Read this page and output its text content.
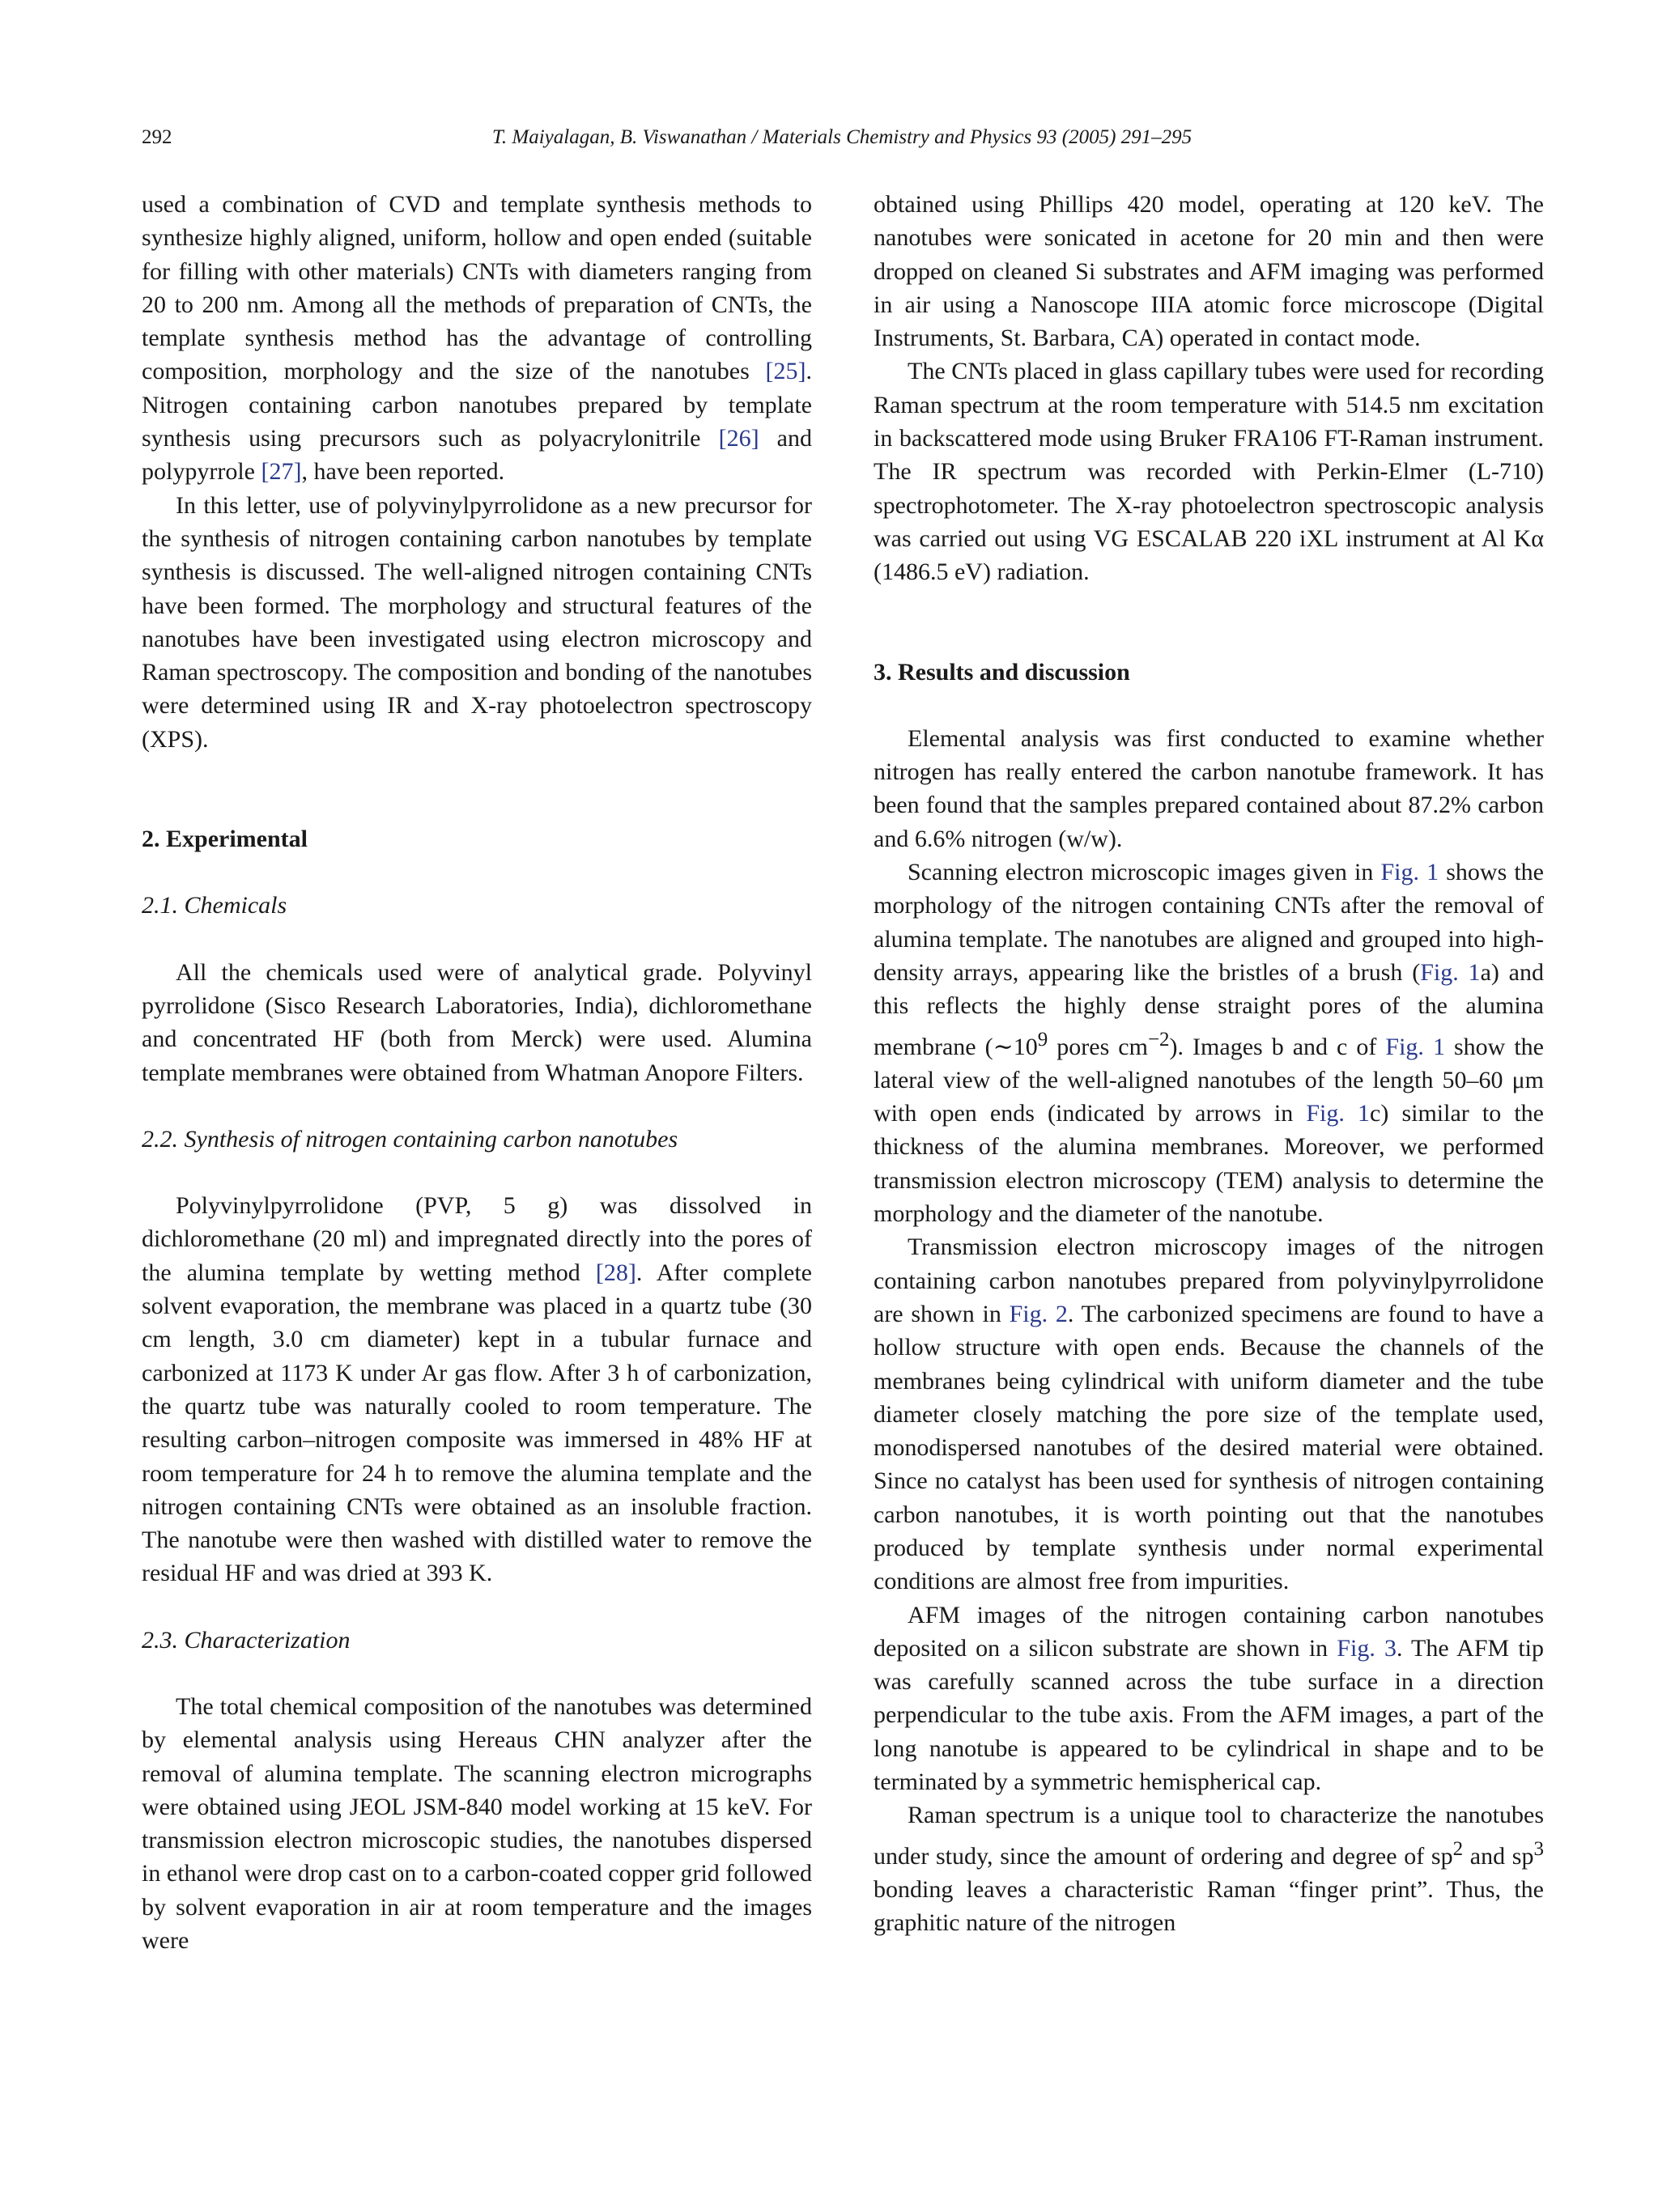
292	T. Maiyalagan, B. Viswanathan / Materials Chemistry and Physics 93 (2005) 291–295

used a combination of CVD and template synthesis methods to synthesize highly aligned, uniform, hollow and open ended (suitable for filling with other materials) CNTs with diameters ranging from 20 to 200 nm. Among all the methods of preparation of CNTs, the template synthesis method has the advantage of controlling composition, morphology and the size of the nanotubes [25]. Nitrogen containing carbon nanotubes prepared by template synthesis using precursors such as polyacrylonitrile [26] and polypyrrole [27], have been reported.

In this letter, use of polyvinylpyrrolidone as a new precursor for the synthesis of nitrogen containing carbon nanotubes by template synthesis is discussed. The well-aligned nitrogen containing CNTs have been formed. The morphology and structural features of the nanotubes have been investigated using electron microscopy and Raman spectroscopy. The composition and bonding of the nanotubes were determined using IR and X-ray photoelectron spectroscopy (XPS).

2. Experimental
2.1. Chemicals

All the chemicals used were of analytical grade. Polyvinyl pyrrolidone (Sisco Research Laboratories, India), dichloromethane and concentrated HF (both from Merck) were used. Alumina template membranes were obtained from Whatman Anopore Filters.

2.2. Synthesis of nitrogen containing carbon nanotubes

Polyvinylpyrrolidone (PVP, 5 g) was dissolved in dichloromethane (20 ml) and impregnated directly into the pores of the alumina template by wetting method [28]. After complete solvent evaporation, the membrane was placed in a quartz tube (30 cm length, 3.0 cm diameter) kept in a tubular furnace and carbonized at 1173 K under Ar gas flow. After 3 h of carbonization, the quartz tube was naturally cooled to room temperature. The resulting carbon–nitrogen composite was immersed in 48% HF at room temperature for 24 h to remove the alumina template and the nitrogen containing CNTs were obtained as an insoluble fraction. The nanotube were then washed with distilled water to remove the residual HF and was dried at 393 K.

2.3. Characterization

The total chemical composition of the nanotubes was determined by elemental analysis using Hereaus CHN analyzer after the removal of alumina template. The scanning electron micrographs were obtained using JEOL JSM-840 model working at 15 keV. For transmission electron microscopic studies, the nanotubes dispersed in ethanol were drop cast on to a carbon-coated copper grid followed by solvent evaporation in air at room temperature and the images were

obtained using Phillips 420 model, operating at 120 keV. The nanotubes were sonicated in acetone for 20 min and then were dropped on cleaned Si substrates and AFM imaging was performed in air using a Nanoscope IIIA atomic force microscope (Digital Instruments, St. Barbara, CA) operated in contact mode.

The CNTs placed in glass capillary tubes were used for recording Raman spectrum at the room temperature with 514.5 nm excitation in backscattered mode using Bruker FRA106 FT-Raman instrument. The IR spectrum was recorded with Perkin-Elmer (L-710) spectrophotometer. The X-ray photoelectron spectroscopic analysis was carried out using VG ESCALAB 220 iXL instrument at Al Kα (1486.5 eV) radiation.

3. Results and discussion

Elemental analysis was first conducted to examine whether nitrogen has really entered the carbon nanotube framework. It has been found that the samples prepared contained about 87.2% carbon and 6.6% nitrogen (w/w).

Scanning electron microscopic images given in Fig. 1 shows the morphology of the nitrogen containing CNTs after the removal of alumina template. The nanotubes are aligned and grouped into high-density arrays, appearing like the bristles of a brush (Fig. 1a) and this reflects the highly dense straight pores of the alumina membrane ($\sim 10^9$ pores $cm^{-2}$). Images b and c of Fig. 1 show the lateral view of the well-aligned nanotubes of the length 50–60 μm with open ends (indicated by arrows in Fig. 1c) similar to the thickness of the alumina membranes. Moreover, we performed transmission electron microscopy (TEM) analysis to determine the morphology and the diameter of the nanotube.

Transmission electron microscopy images of the nitrogen containing carbon nanotubes prepared from polyvinylpyrrolidone are shown in Fig. 2. The carbonized specimens are found to have a hollow structure with open ends. Because the channels of the membranes being cylindrical with uniform diameter and the tube diameter closely matching the pore size of the template used, monodispersed nanotubes of the desired material were obtained. Since no catalyst has been used for synthesis of nitrogen containing carbon nanotubes, it is worth pointing out that the nanotubes produced by template synthesis under normal experimental conditions are almost free from impurities.

AFM images of the nitrogen containing carbon nanotubes deposited on a silicon substrate are shown in Fig. 3. The AFM tip was carefully scanned across the tube surface in a direction perpendicular to the tube axis. From the AFM images, a part of the long nanotube is appeared to be cylindrical in shape and to be terminated by a symmetric hemispherical cap.

Raman spectrum is a unique tool to characterize the nanotubes under study, since the amount of ordering and degree of $sp^2$ and $sp^3$ bonding leaves a characteristic Raman “finger print”. Thus, the graphitic nature of the nitrogen
